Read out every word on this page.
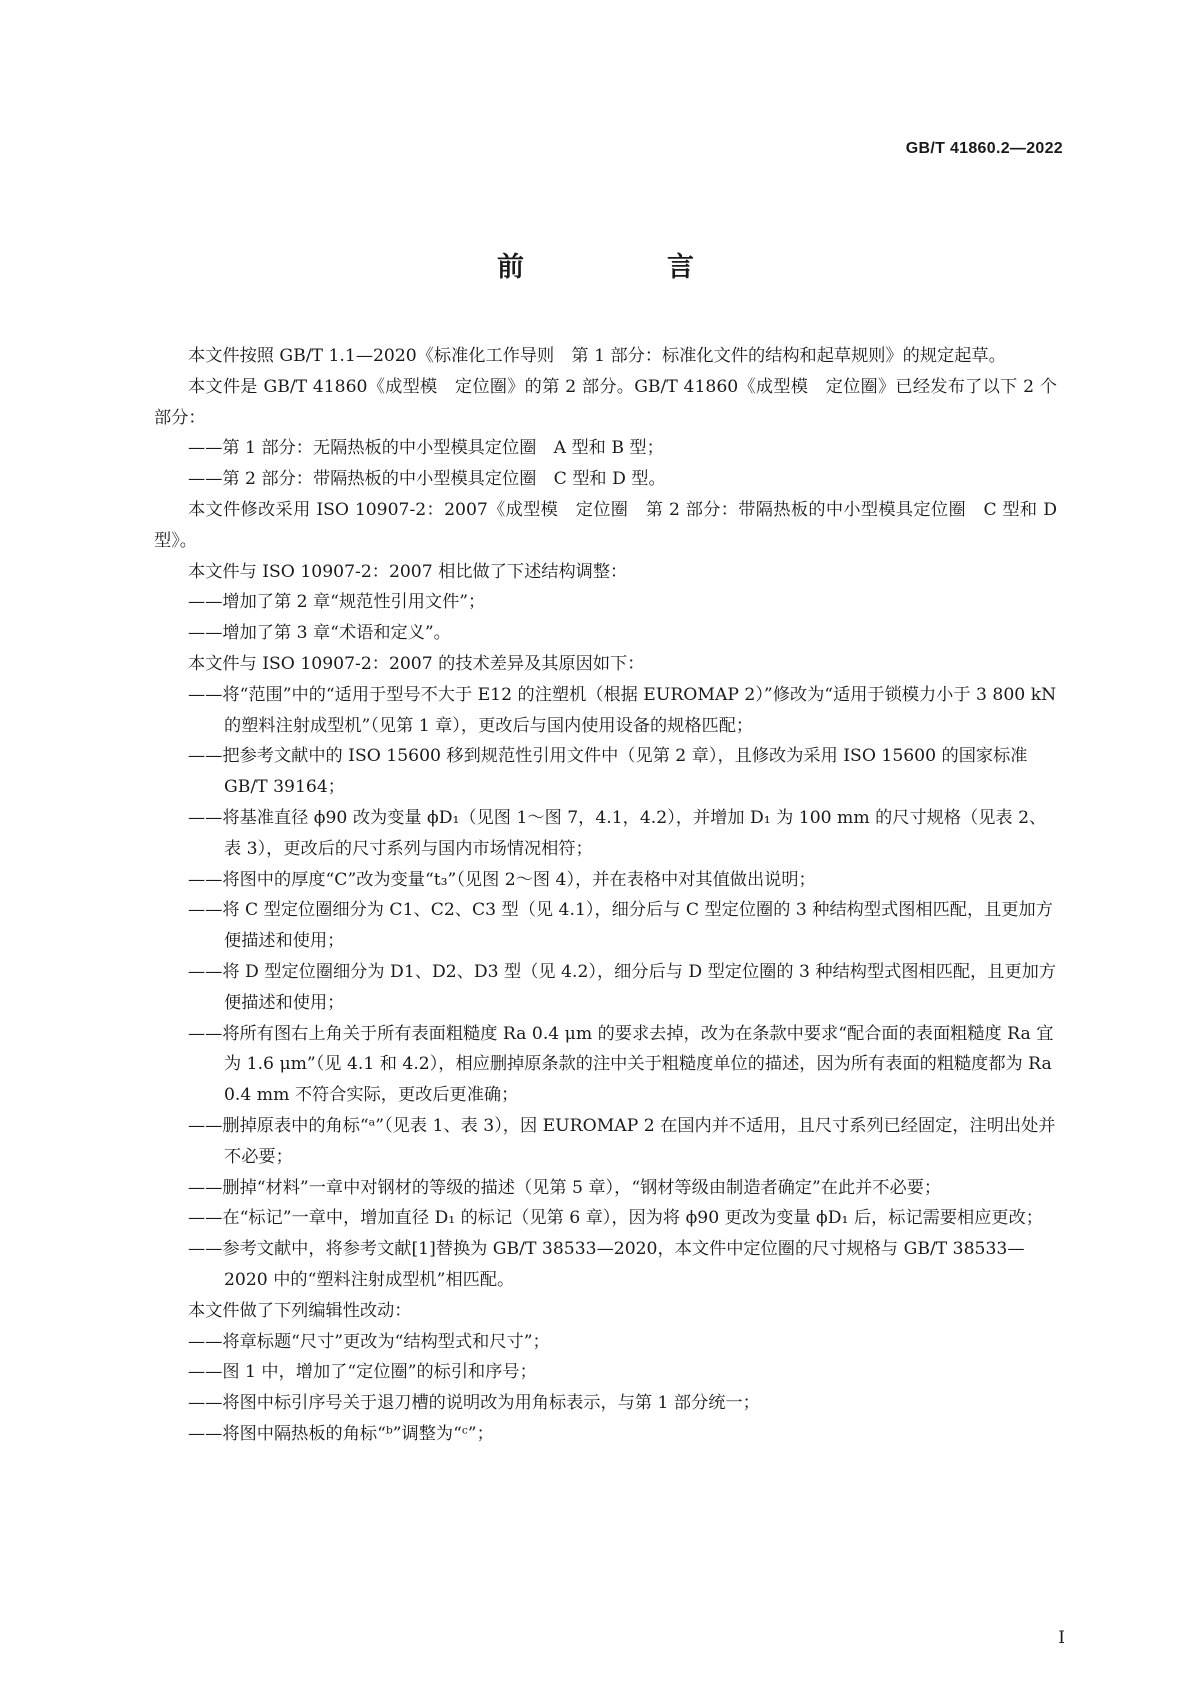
GB/T 41860.2—2022
前　言

本文件按照 GB/T 1.1—2020《标准化工作导则　第 1 部分：标准化文件的结构和起草规则》的规定起草。

本文件是 GB/T 41860《成型模　定位圈》的第 2 部分。GB/T 41860《成型模　定位圈》已经发布了以下 2 个部分：

——第 1 部分：无隔热板的中小型模具定位圈　A 型和 B 型；

——第 2 部分：带隔热板的中小型模具定位圈　C 型和 D 型。

本文件修改采用 ISO 10907-2：2007《成型模　定位圈　第 2 部分：带隔热板的中小型模具定位圈　C 型和 D 型》。

本文件与 ISO 10907-2：2007 相比做了下述结构调整：

——增加了第 2 章“规范性引用文件”；

——增加了第 3 章“术语和定义”。

本文件与 ISO 10907-2：2007 的技术差异及其原因如下：

——将“范围”中的“适用于型号不大于 E12 的注塑机（根据 EUROMAP 2）”修改为“适用于锁模力小于 3 800 kN 的塑料注射成型机”（见第 1 章），更改后与国内使用设备的规格匹配；

——把参考文献中的 ISO 15600 移到规范性引用文件中（见第 2 章），且修改为采用 ISO 15600 的国家标准 GB/T 39164；

——将基准直径 ϕ90 改为变量 ϕD₁（见图 1～图 7，4.1，4.2），并增加 D₁ 为 100 mm 的尺寸规格（见表 2、表 3），更改后的尺寸系列与国内市场情况相符；

——将图中的厚度“C”改为变量“t₃”（见图 2～图 4），并在表格中对其值做出说明；

——将 C 型定位圈细分为 C1、C2、C3 型（见 4.1），细分后与 C 型定位圈的 3 种结构型式图相匹配，且更加方便描述和使用；

——将 D 型定位圈细分为 D1、D2、D3 型（见 4.2），细分后与 D 型定位圈的 3 种结构型式图相匹配，且更加方便描述和使用；

——将所有图右上角关于所有表面粗糙度 Ra 0.4 μm 的要求去掉，改为在条款中要求“配合面的表面粗糙度 Ra 宜为 1.6 μm”（见 4.1 和 4.2），相应删掉原条款的注中关于粗糙度单位的描述，因为所有表面的粗糙度都为 Ra 0.4 mm 不符合实际，更改后更准确；

——删掉原表中的角标“ᵃ”（见表 1、表 3），因 EUROMAP 2 在国内并不适用，且尺寸系列已经固定，注明出处并不必要；

——删掉“材料”一章中对钢材的等级的描述（见第 5 章），“钢材等级由制造者确定”在此并不必要；

——在“标记”一章中，增加直径 D₁ 的标记（见第 6 章），因为将 ϕ90 更改为变量 ϕD₁ 后，标记需要相应更改；

——参考文献中，将参考文献[1]替换为 GB/T 38533—2020，本文件中定位圈的尺寸规格与 GB/T 38533—2020 中的“塑料注射成型机”相匹配。

本文件做了下列编辑性改动：

——将章标题“尺寸”更改为“结构型式和尺寸”；

——图 1 中，增加了“定位圈”的标引和序号；

——将图中标引序号关于退刀槽的说明改为用角标表示，与第 1 部分统一；

——将图中隔热板的角标“ᵇ”调整为“ᶜ”；

I
